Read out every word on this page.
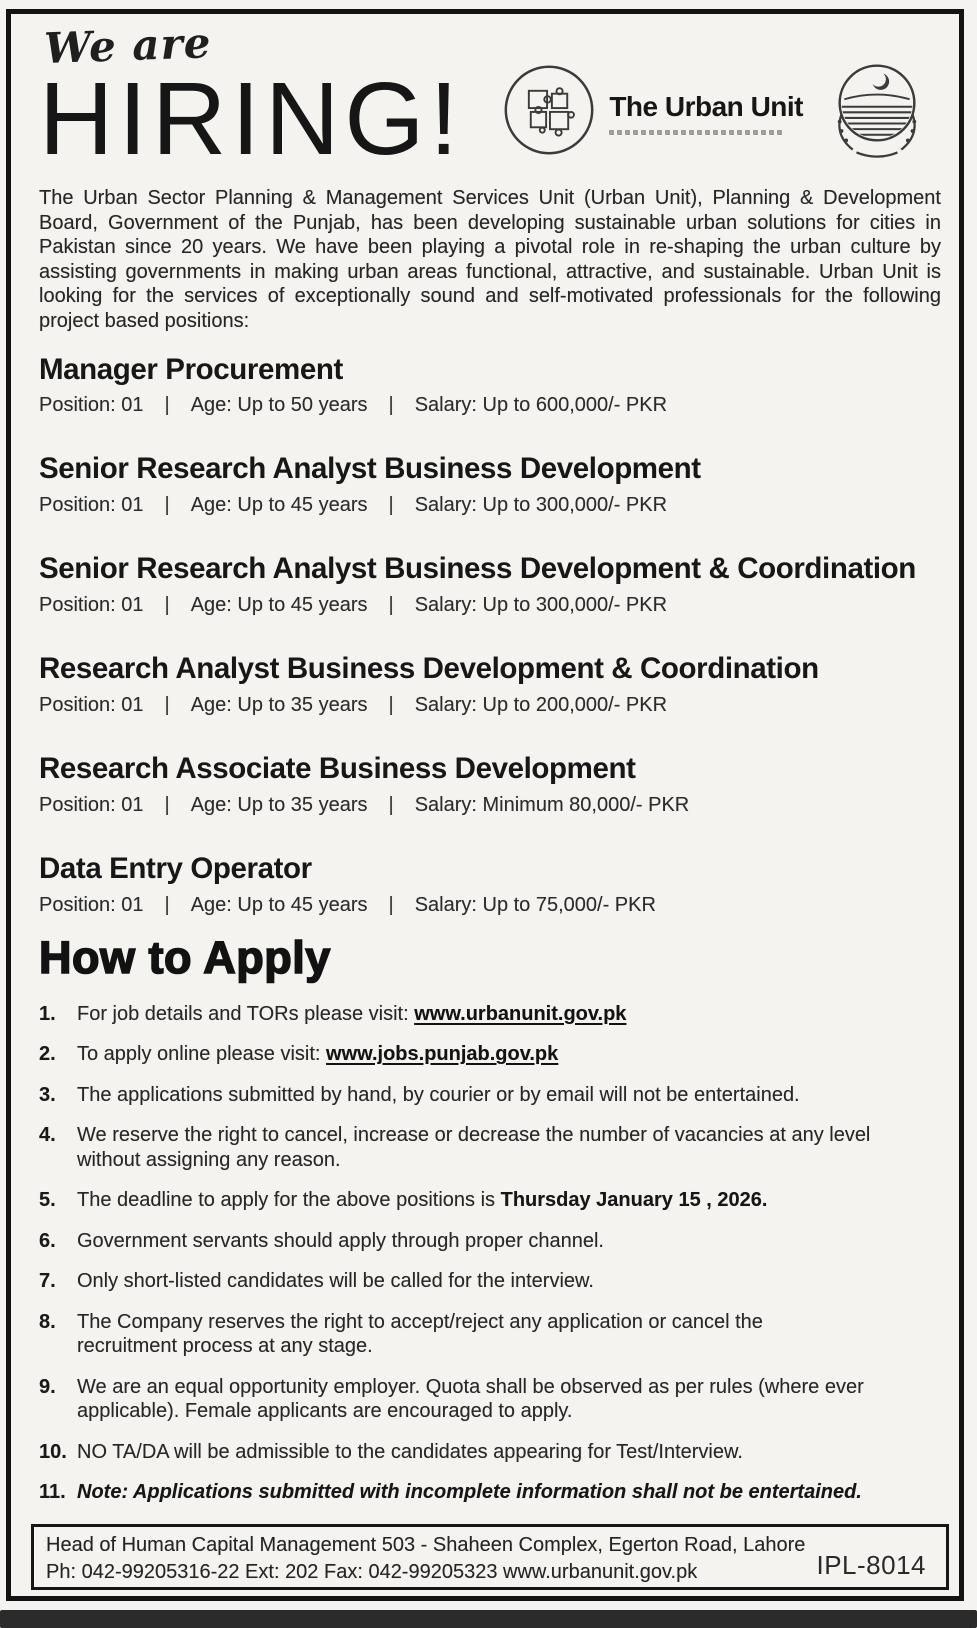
We are
HIRING!	The Urban Unit

The Urban Sector Planning & Management Services Unit (Urban Unit), Planning & Development Board, Government of the Punjab, has been developing sustainable urban solutions for cities in Pakistan since 20 years. We have been playing a pivotal role in re-shaping the urban culture by assisting governments in making urban areas functional, attractive, and sustainable. Urban Unit is looking for the services of exceptionally sound and self-motivated professionals for the following project based positions:

Manager Procurement
Position: 01 | Age: Up to 50 years | Salary: Up to 600,000/- PKR
Senior Research Analyst Business Development
Position: 01 | Age: Up to 45 years | Salary: Up to 300,000/- PKR
Senior Research Analyst Business Development & Coordination
Position: 01 | Age: Up to 45 years | Salary: Up to 300,000/- PKR
Research Analyst Business Development & Coordination
Position: 01 | Age: Up to 35 years | Salary: Up to 200,000/- PKR
Research Associate Business Development
Position: 01 | Age: Up to 35 years | Salary: Minimum 80,000/- PKR
Data Entry Operator
Position: 01 | Age: Up to 45 years | Salary: Up to 75,000/- PKR
How to Apply
1.	For job details and TORs please visit: www.urbanunit.gov.pk
2.	To apply online please visit: www.jobs.punjab.gov.pk
3.	The applications submitted by hand, by courier or by email will not be entertained.
4.	We reserve the right to cancel, increase or decrease the number of vacancies at any level without assigning any reason.
5.	The deadline to apply for the above positions is Thursday January 15 , 2026.
6.	Government servants should apply through proper channel.
7.	Only short-listed candidates will be called for the interview.
8.	The Company reserves the right to accept/reject any application or cancel the recruitment process at any stage.
9.	We are an equal opportunity employer. Quota shall be observed as per rules (where ever applicable). Female applicants are encouraged to apply.
10. NO TA/DA will be admissible to the candidates appearing for Test/Interview.
11. Note: Applications submitted with incomplete information shall not be entertained.
Head of Human Capital Management 503 - Shaheen Complex, Egerton Road, Lahore
Ph: 042-99205316-22 Ext: 202 Fax: 042-99205323 www.urbanunit.gov.pk	IPL-8014
